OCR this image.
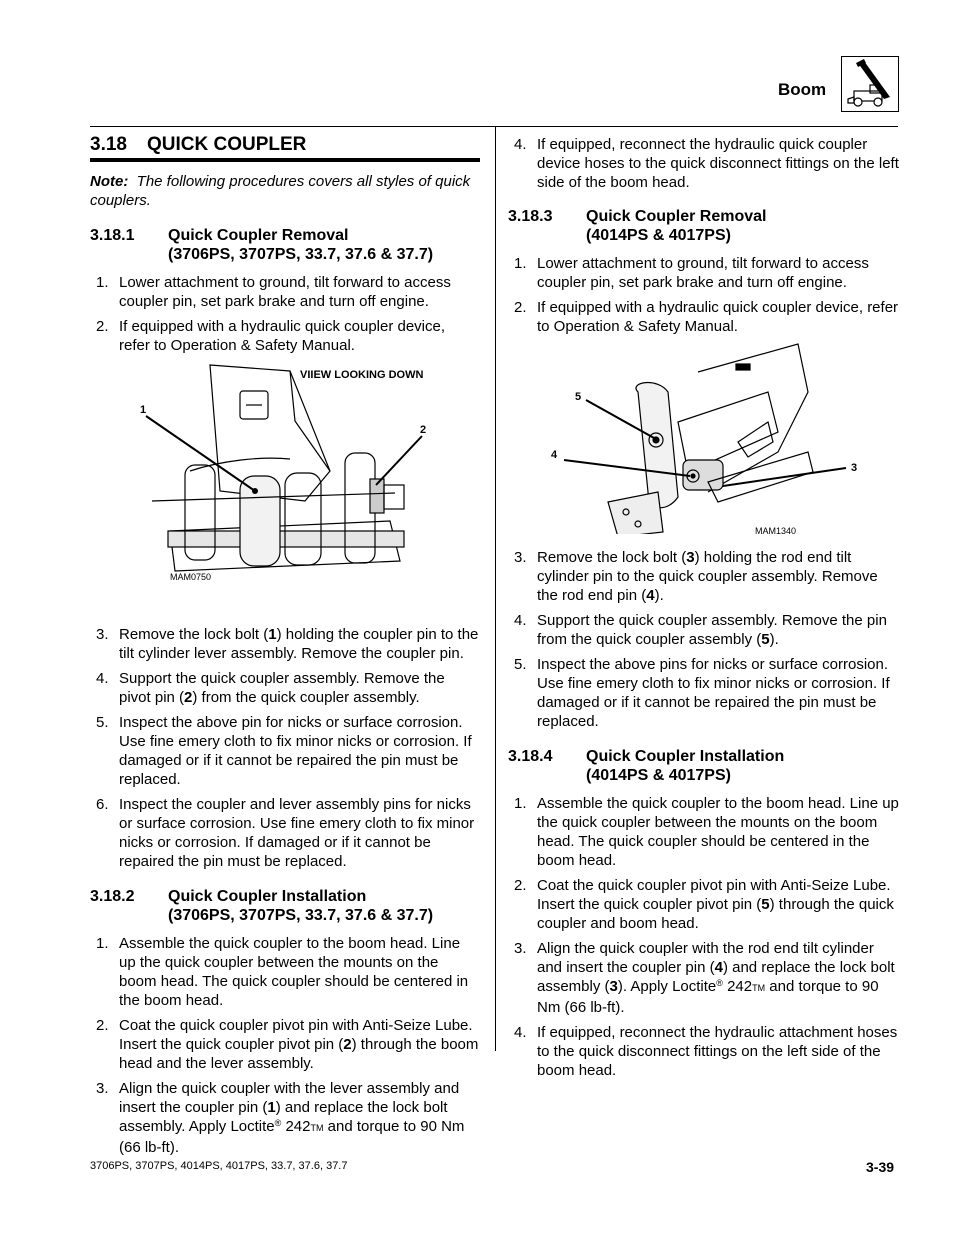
Boom
3.18 QUICK COUPLER

Note: The following procedures covers all styles of quick couplers.

3.18.1	Quick Coupler Removal
(3706PS, 3707PS, 33.7, 37.6 & 37.7)
1. Lower attachment to ground, tilt forward to access coupler pin, set park brake and turn off engine.
2. If equipped with a hydraulic quick coupler device, refer to Operation & Safety Manual.
VIIEW LOOKING DOWN
1
2
MAM0750
3. Remove the lock bolt (1) holding the coupler pin to the tilt cylinder lever assembly. Remove the coupler pin.
4. Support the quick coupler assembly. Remove the pivot pin (2) from the quick coupler assembly.
5. Inspect the above pin for nicks or surface corrosion. Use fine emery cloth to fix minor nicks or corrosion. If damaged or if it cannot be repaired the pin must be replaced.
6. Inspect the coupler and lever assembly pins for nicks or surface corrosion. Use fine emery cloth to fix minor nicks or corrosion. If damaged or if it cannot be repaired the pin must be replaced.
3.18.2	Quick Coupler Installation
(3706PS, 3707PS, 33.7, 37.6 & 37.7)
1. Assemble the quick coupler to the boom head. Line up the quick coupler between the mounts on the boom head. The quick coupler should be centered in the boom head.
2. Coat the quick coupler pivot pin with Anti-Seize Lube. Insert the quick coupler pivot pin (2) through the boom head and the lever assembly.
3. Align the quick coupler with the lever assembly and insert the coupler pin (1) and replace the lock bolt assembly. Apply Loctite® 242TM and torque to 90 Nm (66 lb-ft).
4. If equipped, reconnect the hydraulic quick coupler device hoses to the quick disconnect fittings on the left side of the boom head.
3.18.3	Quick Coupler Removal
(4014PS & 4017PS)
1. Lower attachment to ground, tilt forward to access coupler pin, set park brake and turn off engine.
2. If equipped with a hydraulic quick coupler device, refer to Operation & Safety Manual.
5
4
3
MAM1340
3. Remove the lock bolt (3) holding the rod end tilt cylinder pin to the quick coupler assembly. Remove the rod end pin (4).
4. Support the quick coupler assembly. Remove the pin from the quick coupler assembly (5).
5. Inspect the above pins for nicks or surface corrosion. Use fine emery cloth to fix minor nicks or corrosion. If damaged or if it cannot be repaired the pin must be replaced.
3.18.4	Quick Coupler Installation
(4014PS & 4017PS)
1. Assemble the quick coupler to the boom head. Line up the quick coupler between the mounts on the boom head. The quick coupler should be centered in the boom head.
2. Coat the quick coupler pivot pin with Anti-Seize Lube. Insert the quick coupler pivot pin (5) through the quick coupler and boom head.
3. Align the quick coupler with the rod end tilt cylinder and insert the coupler pin (4) and replace the lock bolt assembly (3). Apply Loctite® 242TM and torque to 90 Nm (66 lb-ft).
4. If equipped, reconnect the hydraulic attachment hoses to the quick disconnect fittings on the left side of the boom head.
3706PS, 3707PS, 4014PS, 4017PS, 33.7, 37.6, 37.7	3-39
